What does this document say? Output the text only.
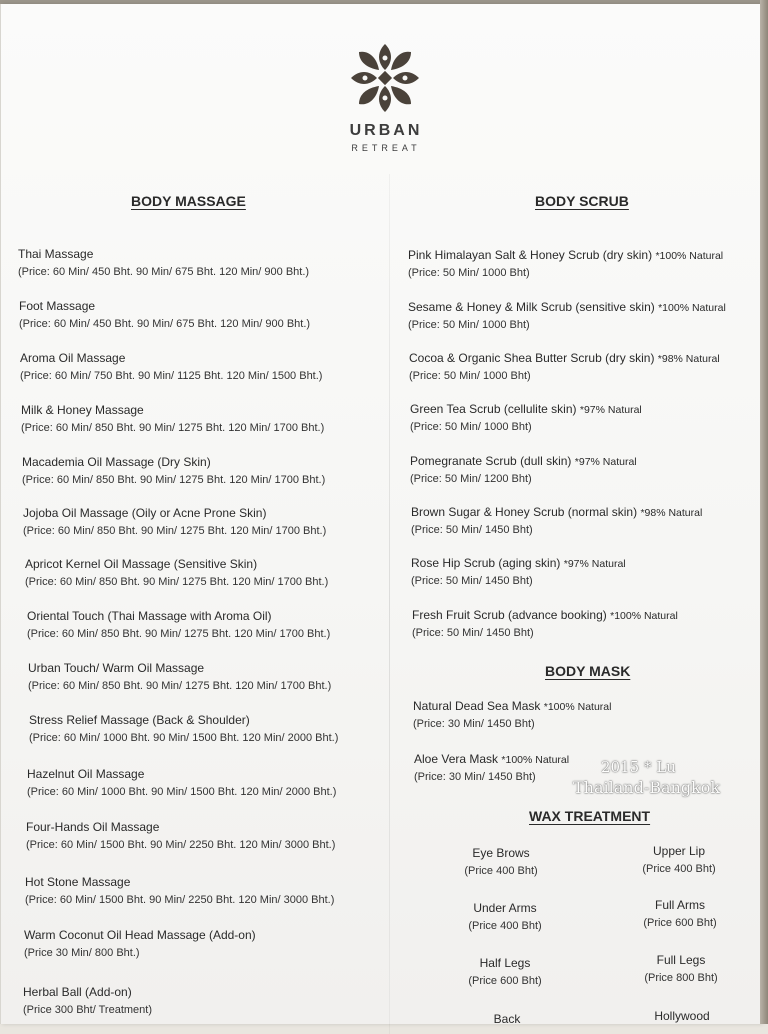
URBAN
RETREAT
BODY MASSAGE	BODY SCRUB
Thai Massage
(Price: 60 Min/ 450 Bht. 90 Min/ 675 Bht. 120 Min/ 900 Bht.)
Foot Massage
(Price: 60 Min/ 450 Bht. 90 Min/ 675 Bht. 120 Min/ 900 Bht.)
Aroma Oil Massage
(Price: 60 Min/ 750 Bht. 90 Min/ 1125 Bht. 120 Min/ 1500 Bht.)
Milk & Honey Massage
(Price: 60 Min/ 850 Bht. 90 Min/ 1275 Bht. 120 Min/ 1700 Bht.)
Macademia Oil Massage (Dry Skin)
(Price: 60 Min/ 850 Bht. 90 Min/ 1275 Bht. 120 Min/ 1700 Bht.)
Jojoba Oil Massage (Oily or Acne Prone Skin)
(Price: 60 Min/ 850 Bht. 90 Min/ 1275 Bht. 120 Min/ 1700 Bht.)
Apricot Kernel Oil Massage (Sensitive Skin)
(Price: 60 Min/ 850 Bht. 90 Min/ 1275 Bht. 120 Min/ 1700 Bht.)
Oriental Touch (Thai Massage with Aroma Oil)
(Price: 60 Min/ 850 Bht. 90 Min/ 1275 Bht. 120 Min/ 1700 Bht.)
Urban Touch/ Warm Oil Massage
(Price: 60 Min/ 850 Bht. 90 Min/ 1275 Bht. 120 Min/ 1700 Bht.)
Stress Relief Massage (Back & Shoulder)
(Price: 60 Min/ 1000 Bht. 90 Min/ 1500 Bht. 120 Min/ 2000 Bht.)
Hazelnut Oil Massage
(Price: 60 Min/ 1000 Bht. 90 Min/ 1500 Bht. 120 Min/ 2000 Bht.)
Four-Hands Oil Massage
(Price: 60 Min/ 1500 Bht. 90 Min/ 2250 Bht. 120 Min/ 3000 Bht.)
Hot Stone Massage
(Price: 60 Min/ 1500 Bht. 90 Min/ 2250 Bht. 120 Min/ 3000 Bht.)
Warm Coconut Oil Head Massage (Add-on)
(Price 30 Min/ 800 Bht.)
Herbal Ball (Add-on)
(Price 300 Bht/ Treatment)
Pink Himalayan Salt & Honey Scrub (dry skin) *100% Natural
(Price: 50 Min/ 1000 Bht)
Sesame & Honey & Milk Scrub (sensitive skin) *100% Natural
(Price: 50 Min/ 1000 Bht)
Cocoa & Organic Shea Butter Scrub (dry skin) *98% Natural
(Price: 50 Min/ 1000 Bht)
Green Tea Scrub (cellulite skin) *97% Natural
(Price: 50 Min/ 1000 Bht)
Pomegranate Scrub (dull skin) *97% Natural
(Price: 50 Min/ 1200 Bht)
Brown Sugar & Honey Scrub (normal skin) *98% Natural
(Price: 50 Min/ 1450 Bht)
Rose Hip Scrub (aging skin) *97% Natural
(Price: 50 Min/ 1450 Bht)
Fresh Fruit Scrub (advance booking) *100% Natural
(Price: 50 Min/ 1450 Bht)
BODY MASK
Natural Dead Sea Mask *100% Natural
(Price: 30 Min/ 1450 Bht)
Aloe Vera Mask *100% Natural
(Price: 30 Min/ 1450 Bht)
WAX TREATMENT
Eye Brows
(Price 400 Bht)
Upper Lip
(Price 400 Bht)
Under Arms
(Price 400 Bht)
Full Arms
(Price 600 Bht)
Half Legs
(Price 600 Bht)
Full Legs
(Price 800 Bht)
Back	Hollywood
2015 * Lu
Thailand-Bangkok
